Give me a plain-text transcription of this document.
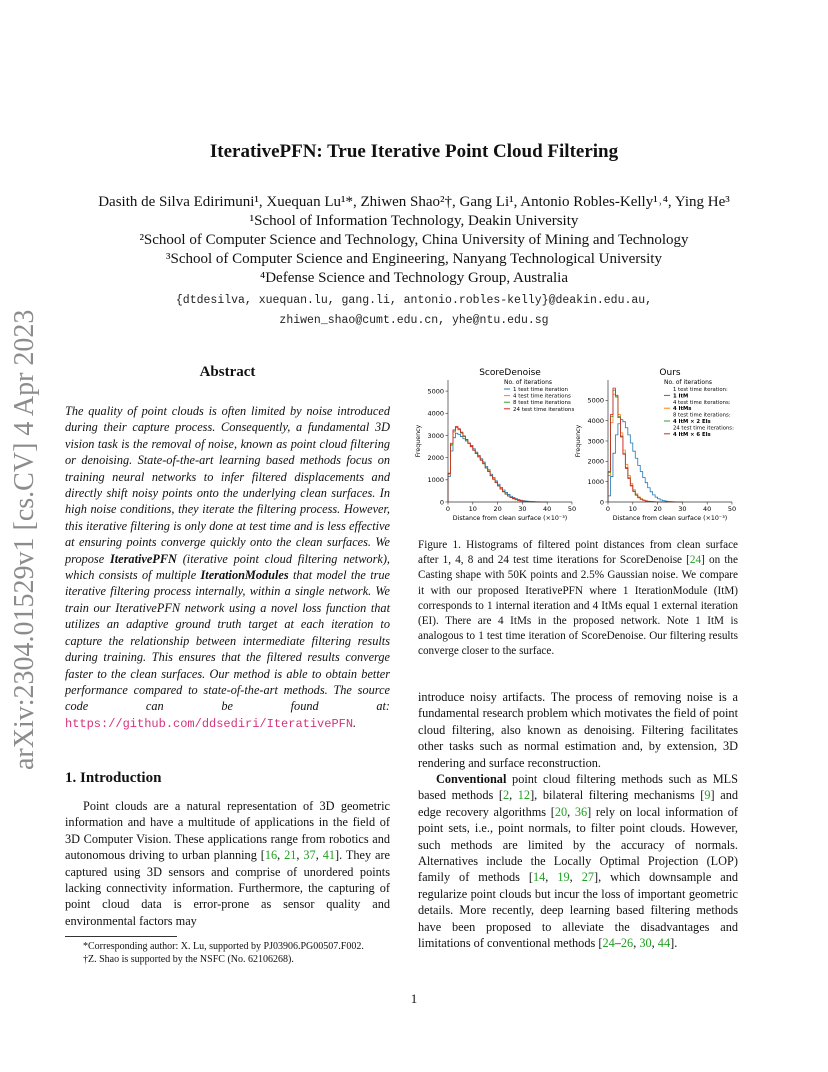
arXiv:2304.01529v1 [cs.CV] 4 Apr 2023
IterativePFN: True Iterative Point Cloud Filtering
Dasith de Silva Edirimuni¹, Xuequan Lu¹*, Zhiwen Shao²†, Gang Li¹, Antonio Robles-Kelly¹˒⁴, Ying He³
¹School of Information Technology, Deakin University
²School of Computer Science and Technology, China University of Mining and Technology
³School of Computer Science and Engineering, Nanyang Technological University
⁴Defense Science and Technology Group, Australia
{dtdesilva, xuequan.lu, gang.li, antonio.robles-kelly}@deakin.edu.au,
zhiwen_shao@cumt.edu.cn, yhe@ntu.edu.sg
Abstract
The quality of point clouds is often limited by noise introduced during their capture process. Consequently, a fundamental 3D vision task is the removal of noise, known as point cloud filtering or denoising. State-of-the-art learning based methods focus on training neural networks to infer filtered displacements and directly shift noisy points onto the underlying clean surfaces. In high noise conditions, they iterate the filtering process. However, this iterative filtering is only done at test time and is less effective at ensuring points converge quickly onto the clean surfaces. We propose IterativePFN (iterative point cloud filtering network), which consists of multiple IterationModules that model the true iterative filtering process internally, within a single network. We train our IterativePFN network using a novel loss function that utilizes an adaptive ground truth target at each iteration to capture the relationship between intermediate filtering results during training. This ensures that the filtered results converge faster to the clean surfaces. Our method is able to obtain better performance compared to state-of-the-art methods. The source code can be found at: https://github.com/ddsediri/IterativePFN.
1. Introduction
Point clouds are a natural representation of 3D geometric information and have a multitude of applications in the field of 3D Computer Vision. These applications range from robotics and autonomous driving to urban planning [16, 21, 37, 41]. They are captured using 3D sensors and comprise of unordered points lacking connectivity information. Furthermore, the capturing of point cloud data is error-prone as sensor quality and environmental factors may
*Corresponding author: X. Lu, supported by PJ03906.PG00507.F002.
†Z. Shao is supported by the NSFC (No. 62106268).
ScoreDenoise
0	10	20	30	40	50
0
1000
2000
3000
4000
5000
Distance from clean surface (×10⁻³)
Frequency
No. of iterations
1 test time iteration
4 test time iterations
8 test time iterations
24 test time iterations
Ours
0	10	20	30	40	50
0
1000
2000
3000
4000
5000
Distance from clean surface (×10⁻³)
Frequency
No. of iterations
1 test time iteration:
1 ItM
4 test time iterations:
4 ItMs
8 test time iterations:
4 ItM × 2 EIs
24 test time iterations:
4 ItM × 6 EIs
Figure 1. Histograms of filtered point distances from clean surface after 1, 4, 8 and 24 test time iterations for ScoreDenoise [24] on the Casting shape with 50K points and 2.5% Gaussian noise. We compare it with our proposed IterativePFN where 1 IterationModule (ItM) corresponds to 1 internal iteration and 4 ItMs equal 1 external iteration (EI). There are 4 ItMs in the proposed network. Note 1 ItM is analogous to 1 test time iteration of ScoreDenoise. Our filtering results converge closer to the surface.
introduce noisy artifacts. The process of removing noise is a fundamental research problem which motivates the field of point cloud filtering, also known as denoising. Filtering facilitates other tasks such as normal estimation and, by extension, 3D rendering and surface reconstruction.
Conventional point cloud filtering methods such as MLS based methods [2, 12], bilateral filtering mechanisms [9] and edge recovery algorithms [20, 36] rely on local information of point sets, i.e., point normals, to filter point clouds. However, such methods are limited by the accuracy of normals. Alternatives include the Locally Optimal Projection (LOP) family of methods [14, 19, 27], which downsample and regularize point clouds but incur the loss of important geometric details. More recently, deep learning based filtering methods have been proposed to alleviate the disadvantages and limitations of conventional methods [24–26, 30, 44].
1
